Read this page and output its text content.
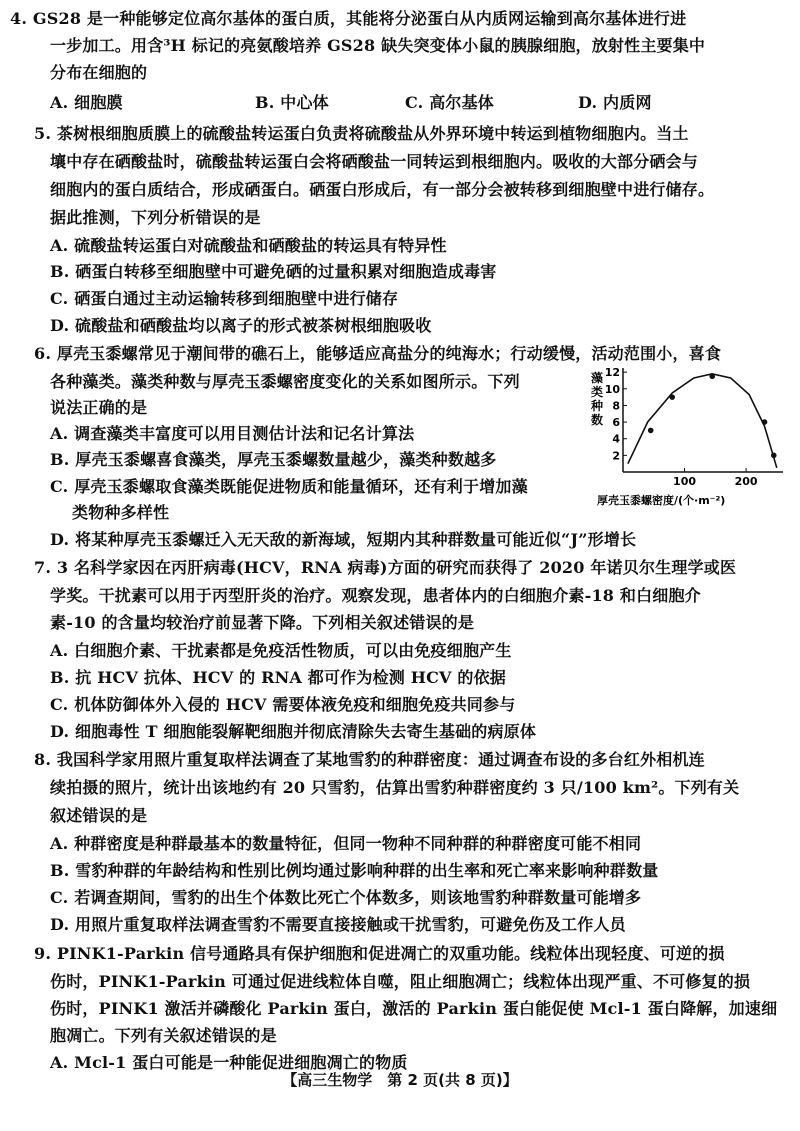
4. GS28 是一种能够定位高尔基体的蛋白质，其能将分泌蛋白从内质网运输到高尔基体进行进
一步加工。用含³H 标记的亮氨酸培养 GS28 缺失突变体小鼠的胰腺细胞，放射性主要集中
分布在细胞的
A. 细胞膜	B. 中心体	C. 高尔基体	D. 内质网
5. 茶树根细胞质膜上的硫酸盐转运蛋白负责将硫酸盐从外界环境中转运到植物细胞内。当土
壤中存在硒酸盐时，硫酸盐转运蛋白会将硒酸盐一同转运到根细胞内。吸收的大部分硒会与
细胞内的蛋白质结合，形成硒蛋白。硒蛋白形成后，有一部分会被转移到细胞壁中进行储存。
据此推测，下列分析错误的是
A. 硫酸盐转运蛋白对硫酸盐和硒酸盐的转运具有特异性
B. 硒蛋白转移至细胞壁中可避免硒的过量积累对细胞造成毒害
C. 硒蛋白通过主动运输转移到细胞壁中进行储存
D. 硫酸盐和硒酸盐均以离子的形式被茶树根细胞吸收
6. 厚壳玉黍螺常见于潮间带的礁石上，能够适应高盐分的纯海水；行动缓慢，活动范围小，喜食
各种藻类。藻类种数与厚壳玉黍螺密度变化的关系如图所示。下列
说法正确的是
A. 调查藻类丰富度可以用目测估计法和记名计算法
B. 厚壳玉黍螺喜食藻类，厚壳玉黍螺数量越少，藻类种数越多
C. 厚壳玉黍螺取食藻类既能促进物质和能量循环，还有利于增加藻
类物种多样性
D. 将某种厚壳玉黍螺迁入无天敌的新海域，短期内其种群数量可能近似“J”形增长
2
4
6
8
10
12
100	200
藻类种数
厚壳玉黍螺密度/(个·m⁻²)
7. 3 名科学家因在丙肝病毒(HCV，RNA 病毒)方面的研究而获得了 2020 年诺贝尔生理学或医
学奖。干扰素可以用于丙型肝炎的治疗。观察发现，患者体内的白细胞介素-18 和白细胞介
素-10 的含量均较治疗前显著下降。下列相关叙述错误的是
A. 白细胞介素、干扰素都是免疫活性物质，可以由免疫细胞产生
B. 抗 HCV 抗体、HCV 的 RNA 都可作为检测 HCV 的依据
C. 机体防御体外入侵的 HCV 需要体液免疫和细胞免疫共同参与
D. 细胞毒性 T 细胞能裂解靶细胞并彻底清除失去寄生基础的病原体
8. 我国科学家用照片重复取样法调查了某地雪豹的种群密度：通过调查布设的多台红外相机连
续拍摄的照片，统计出该地约有 20 只雪豹，估算出雪豹种群密度约 3 只/100 km²。下列有关
叙述错误的是
A. 种群密度是种群最基本的数量特征，但同一物种不同种群的种群密度可能不相同
B. 雪豹种群的年龄结构和性别比例均通过影响种群的出生率和死亡率来影响种群数量
C. 若调查期间，雪豹的出生个体数比死亡个体数多，则该地雪豹种群数量可能增多
D. 用照片重复取样法调查雪豹不需要直接接触或干扰雪豹，可避免伤及工作人员
9. PINK1-Parkin 信号通路具有保护细胞和促进凋亡的双重功能。线粒体出现轻度、可逆的损
伤时，PINK1-Parkin 可通过促进线粒体自噬，阻止细胞凋亡；线粒体出现严重、不可修复的损
伤时，PINK1 激活并磷酸化 Parkin 蛋白，激活的 Parkin 蛋白能促使 Mcl-1 蛋白降解，加速细
胞凋亡。下列有关叙述错误的是
A. Mcl-1 蛋白可能是一种能促进细胞凋亡的物质
【高三生物学　第 2 页(共 8 页)】
